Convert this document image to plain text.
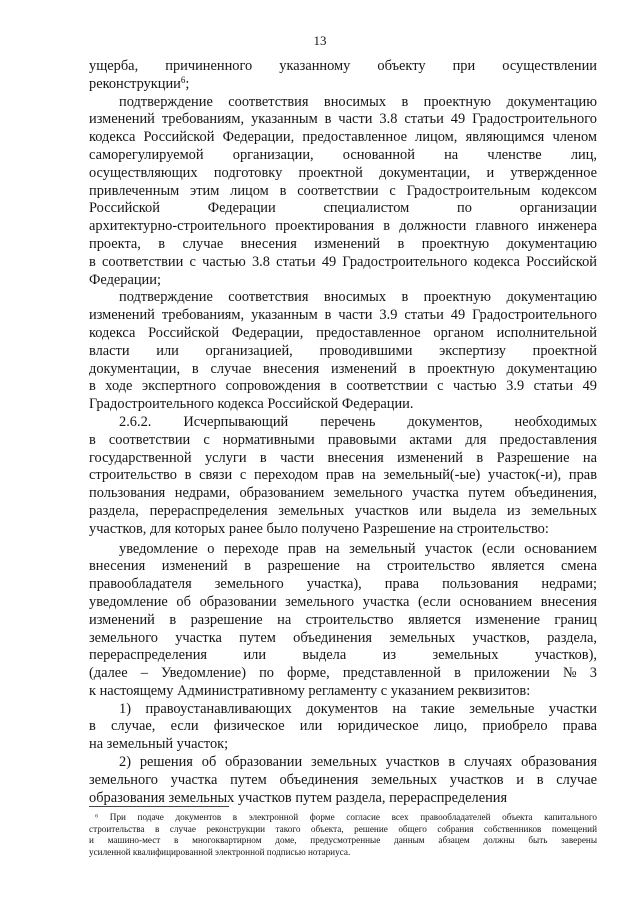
13
ущерба, причиненного указанному объекту при осуществлении
реконструкции$^6$;
подтверждение соответствия вносимых в проектную документацию
изменений требованиям, указанным в части 3.8 статьи 49 Градостроительного
кодекса Российской Федерации, предоставленное лицом, являющимся членом
саморегулируемой организации, основанной на членстве лиц,
осуществляющих подготовку проектной документации, и утвержденное
привлеченным этим лицом в соответствии с Градостроительным кодексом
Российской Федерации специалистом по организации
архитектурно-строительного проектирования в должности главного инженера
проекта, в случае внесения изменений в проектную документацию
в соответствии с частью 3.8 статьи 49 Градостроительного кодекса Российской
Федерации;
подтверждение соответствия вносимых в проектную документацию
изменений требованиям, указанным в части 3.9 статьи 49 Градостроительного
кодекса Российской Федерации, предоставленное органом исполнительной
власти или организацией, проводившими экспертизу проектной
документации, в случае внесения изменений в проектную документацию
в ходе экспертного сопровождения в соответствии с частью 3.9 статьи 49
Градостроительного кодекса Российской Федерации.
2.6.2. Исчерпывающий перечень документов, необходимых
в соответствии с нормативными правовыми актами для предоставления
государственной услуги в части внесения изменений в Разрешение на
строительство в связи с переходом прав на земельный(-ые) участок(-и), прав
пользования недрами, образованием земельного участка путем объединения,
раздела, перераспределения земельных участков или выдела из земельных
участков, для которых ранее было получено Разрешение на строительство:
уведомление о переходе прав на земельный участок (если основанием
внесения изменений в разрешение на строительство является смена
правообладателя земельного участка), права пользования недрами;
уведомление об образовании земельного участка (если основанием внесения
изменений в разрешение на строительство является изменение границ
земельного участка путем объединения земельных участков, раздела,
перераспределения или выдела из земельных участков),
(далее – Уведомление) по форме, представленной в приложении № 3
к настоящему Административному регламенту с указанием реквизитов:
1) правоустанавливающих документов на такие земельные участки
в случае, если физическое или юридическое лицо, приобрело права
на земельный участок;
2) решения об образовании земельных участков в случаях образования
земельного участка путем объединения земельных участков и в случае
образования земельных участков путем раздела, перераспределения
⁶ При подаче документов в электронной форме согласие всех правообладателей объекта капитального
строительства в случае реконструкции такого объекта, решение общего собрания собственников помещений
и машино-мест в многоквартирном доме, предусмотренные данным абзацем должны быть заверены
усиленной квалифицированной электронной подписью нотариуса.
